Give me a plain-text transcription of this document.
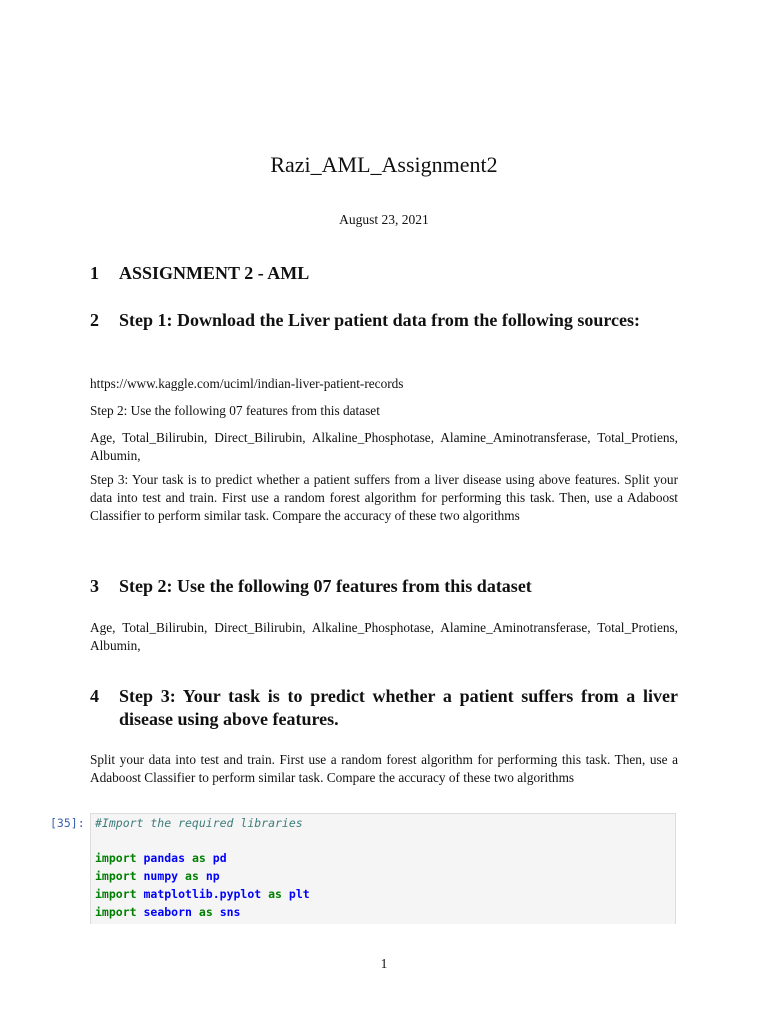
Razi_AML_Assignment2
August 23, 2021
1 ASSIGNMENT 2 - AML
2 Step 1: Download the Liver patient data from the following sources:
https://www.kaggle.com/uciml/indian-liver-patient-records
Step 2: Use the following 07 features from this dataset
Age, Total_Bilirubin, Direct_Bilirubin, Alkaline_Phosphotase, Alamine_Aminotransferase, Total_Protiens, Albumin,
Step 3: Your task is to predict whether a patient suffers from a liver disease using above features. Split your data into test and train. First use a random forest algorithm for performing this task. Then, use a Adaboost Classifier to perform similar task. Compare the accuracy of these two algorithms
3 Step 2: Use the following 07 features from this dataset
Age, Total_Bilirubin, Direct_Bilirubin, Alkaline_Phosphotase, Alamine_Aminotransferase, Total_Protiens, Albumin,
4 Step 3: Your task is to predict whether a patient suffers from a liver disease using above features.
Split your data into test and train. First use a random forest algorithm for performing this task. Then, use a Adaboost Classifier to perform similar task. Compare the accuracy of these two algorithms
[35]: #Import the required libraries

import pandas as pd
import numpy as np
import matplotlib.pyplot as plt
import seaborn as sns
1
